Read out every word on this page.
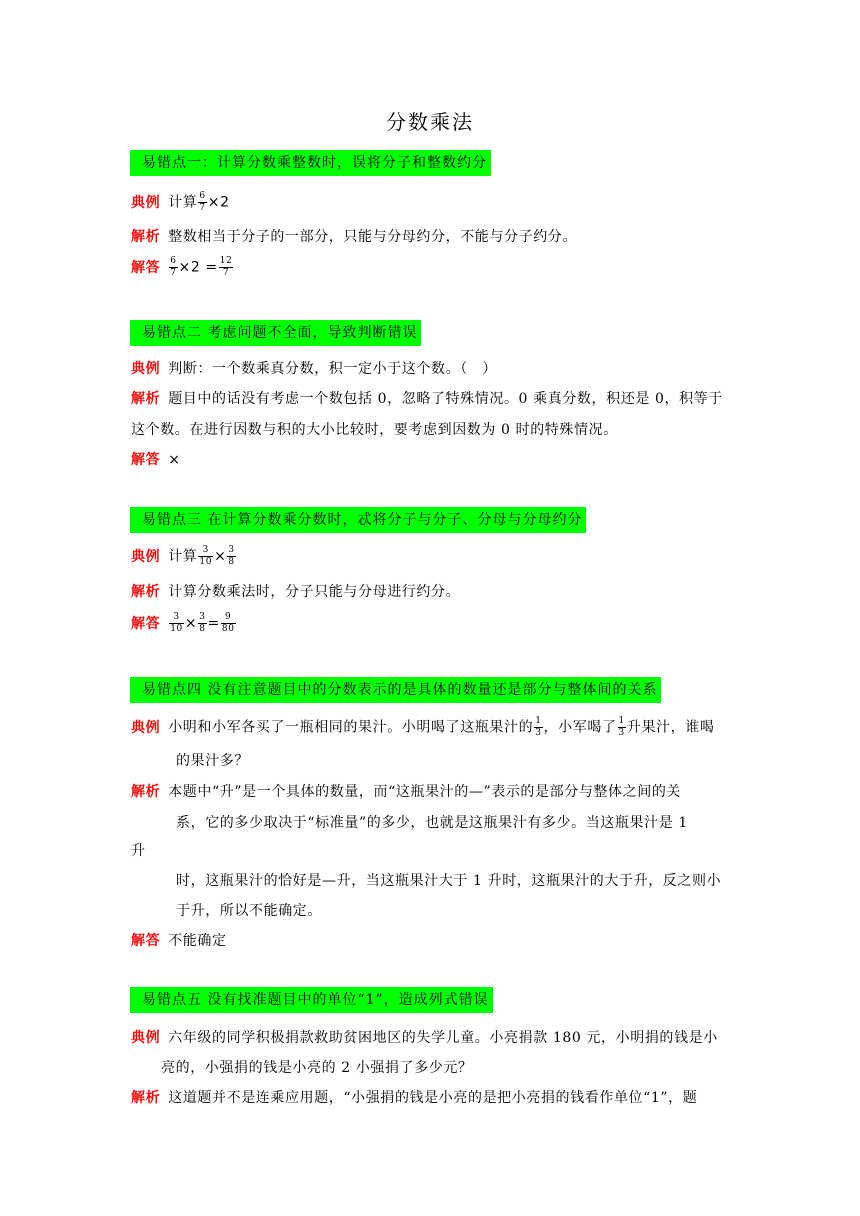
分数乘法
易错点一：计算分数乘整数时，误将分子和整数约分
典例 计算 $\frac{6}{7} \times 2$
解析 整数相当于分子的一部分，只能与分母约分，不能与分子约分。
解答 $\frac{6}{7} \times 2 = \frac{12}{7}$
易错点二 考虑问题不全面，导致判断错误
典例 判断：一个数乘真分数，积一定小于这个数。（　）
解析 题目中的话没有考虑一个数包括 0，忽略了特殊情况。0 乘真分数，积还是 0，积等于
这个数。在进行因数与积的大小比较时，要考虑到因数为 0 时的特殊情况。
解答 ×
易错点三 在计算分数乘分数时，忒将分子与分子、分母与分母约分
典例 计算 $\frac{3}{10} \times \frac{3}{8}$
解析 计算分数乘法时，分子只能与分母进行约分。
解答 $\frac{3}{10} \times \frac{3}{8} = \frac{9}{80}$
易错点四 没有注意题目中的分数表示的是具体的数量还是部分与整体间的关系
典例 小明和小军各买了一瓶相同的果汁。小明喝了这瓶果汁的 $\frac{1}{3}$ ，小军喝了 $\frac{1}{3}$ 升果汁，谁喝
的果汁多？
解析 本题中“升”是一个具体的数量，而“这瓶果汁的—”表示的是部分与整体之间的关
系，它的多少取决于“标准量”的多少，也就是这瓶果汁有多少。当这瓶果汁是 1
升
时，这瓶果汁的恰好是—升，当这瓶果汁大于 1 升时，这瓶果汁的大于升，反之则小
于升，所以不能确定。
解答 不能确定
易错点五 没有找准题目中的单位“1”，造成列式错误
典例 六年级的同学积极捐款救助贫困地区的失学儿童。小亮捐款 180 元，小明捐的钱是小
亮的，小强捐的钱是小亮的 2 小强捐了多少元？
解析 这道题并不是连乘应用题，“小强捐的钱是小亮的是把小亮捐的钱看作单位“1”，题
